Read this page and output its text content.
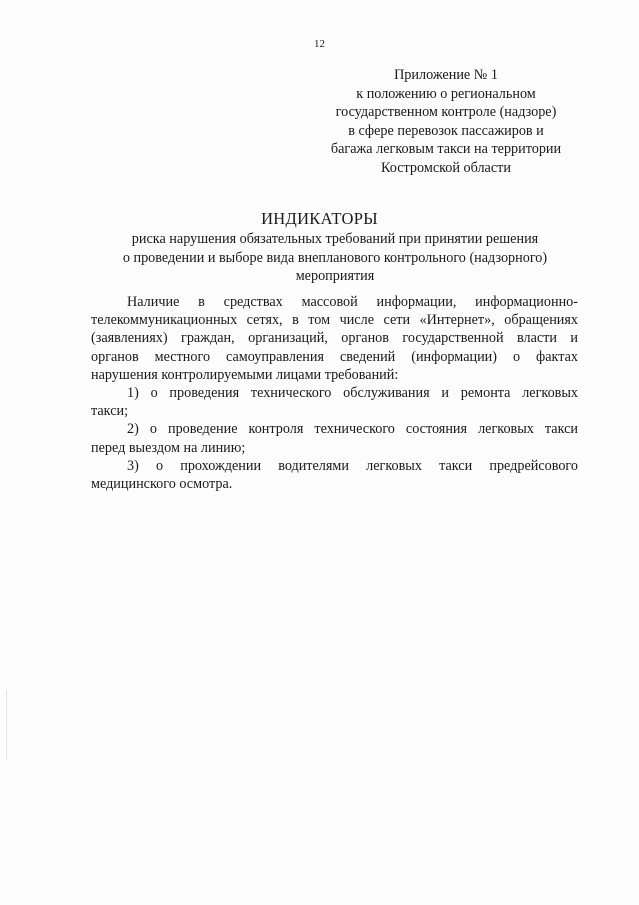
12
Приложение № 1
к положению о региональном
государственном контроле (надзоре)
в сфере перевозок пассажиров и
багажа легковым такси на территории
Костромской области
ИНДИКАТОРЫ
риска нарушения обязательных требований при принятии решения
о проведении и выборе вида внепланового контрольного (надзорного)
мероприятия

Наличие в средствах массовой информации, информационно-
телекоммуникационных сетях, в том числе сети «Интернет», обращениях
(заявлениях) граждан, организаций, органов государственной власти и
органов местного самоуправления сведений (информации) о фактах
нарушения контролируемыми лицами требований:

1) о проведения технического обслуживания и ремонта легковых
такси;

2) о проведение контроля технического состояния легковых такси
перед выездом на линию;

3) о прохождении водителями легковых такси предрейсового
медицинского осмотра.
